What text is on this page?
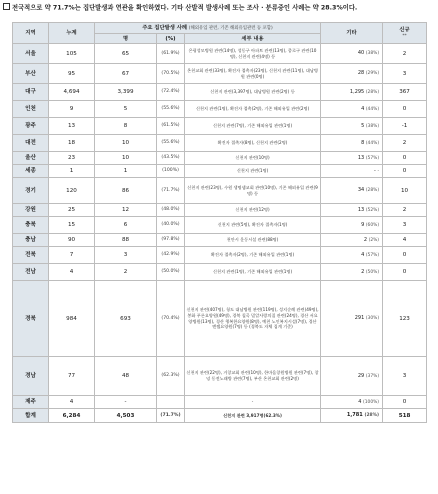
전국적으로 약 71.7%는 집단발생과 연관을 확인하였다. 기타 산발적 발생사례 또는 조사 · 분류중인 사례는 약 28.3%이다.
지역	누계	주요 집단발생 사례 (해외유입 관련, 기존 해외유입관련 등 포함)			기타	신규
**
		명	(%)	세부 내용		
서울	105	65	(61.9%)	은평성모병원 관련(14명), 성동구 아파트 관련(13명), 종로구 관련(10명), 신천지 관련(4명) 등	40 (38%)	2
부산	95	67	(70.5%)	온천교회 관련(33명), 확진자 접촉자(23명), 신천지 관련(11명), 대남병원 관련(0명)	28 (29%)	3
대구	4,694	3,399	(72.4%)	신천지 관련(3,397명), 대남병원 관련(2명) 등	1,295 (28%)	367
인천	9	5	(55.6%)	신천지 관련(1명), 확진자 접촉(2명), 기존 해외유입 관련(2명)	4 (44%)	0
광주	13	8	(61.5%)	신천지 관련(7명), 기존 해외유입 관련(1명)	5 (38%)	-1
대전	18	10	(55.6%)	확진자 접촉자(8명), 신천지 관련(2명)	8 (44%)	2
울산	23	10	(43.5%)	신천지 관련(10명)	13 (57%)	0
세종	1	1	(100%)	신천지 관련(1명)	- -	0
경기	120	86	(71.7%)	신천지 관련(23명), 수원 생명샘교회 관련(10명), 기존 해외유입 관련(9명) 등	34 (28%)	10
강원	25	12	(48.0%)	신천지 관련(12명)	13 (52%)	2
충북	15	6	(40.0%)	신천지 관련(5명), 확진자 접촉자(1명)	9 (60%)	3
충남	90	88	(97.8%)	천안시 운동시설 관련(88명)	2 (2%)	4
전북	7	3	(42.9%)	확진자 접촉자(2명), 기존 해외유입 관련(1명)	4 (57%)	0
전남	4	2	(50.0%)	신천지 관련(1명), 기존 해외유입 관련(1명)	2 (50%)	0
경북	984	693	(70.4%)	신천지 관련(407명), 청도 대남병원 관련(119명), 성지순례 관련(49명), 봉화 푸른요양원(49명), 경북 칠곡 밀알사랑의집 관련(24명), 경산 서요양병원(13명), 경산 행복한요양원(8명), 예천 노인복지시설(7명), 경산 엔젤요양원(7명) 등 (경북도 자체 집계 기준)	291 (30%)	123
경남	77	48	(62.3%)	신천지 관련(22명), 거창교회 관련(10명), 한마음창원병원 관련(7명), 창녕 동전노래방 관련(7명), 부산 온천교회 관련(2명)	29 (37%)	3
제주	4	-		-	4 (100%)	0
합계	6,284	4,503	(71.7%)	신천지 관련 3,917명(62.3%)	1,781 (28%)	518
